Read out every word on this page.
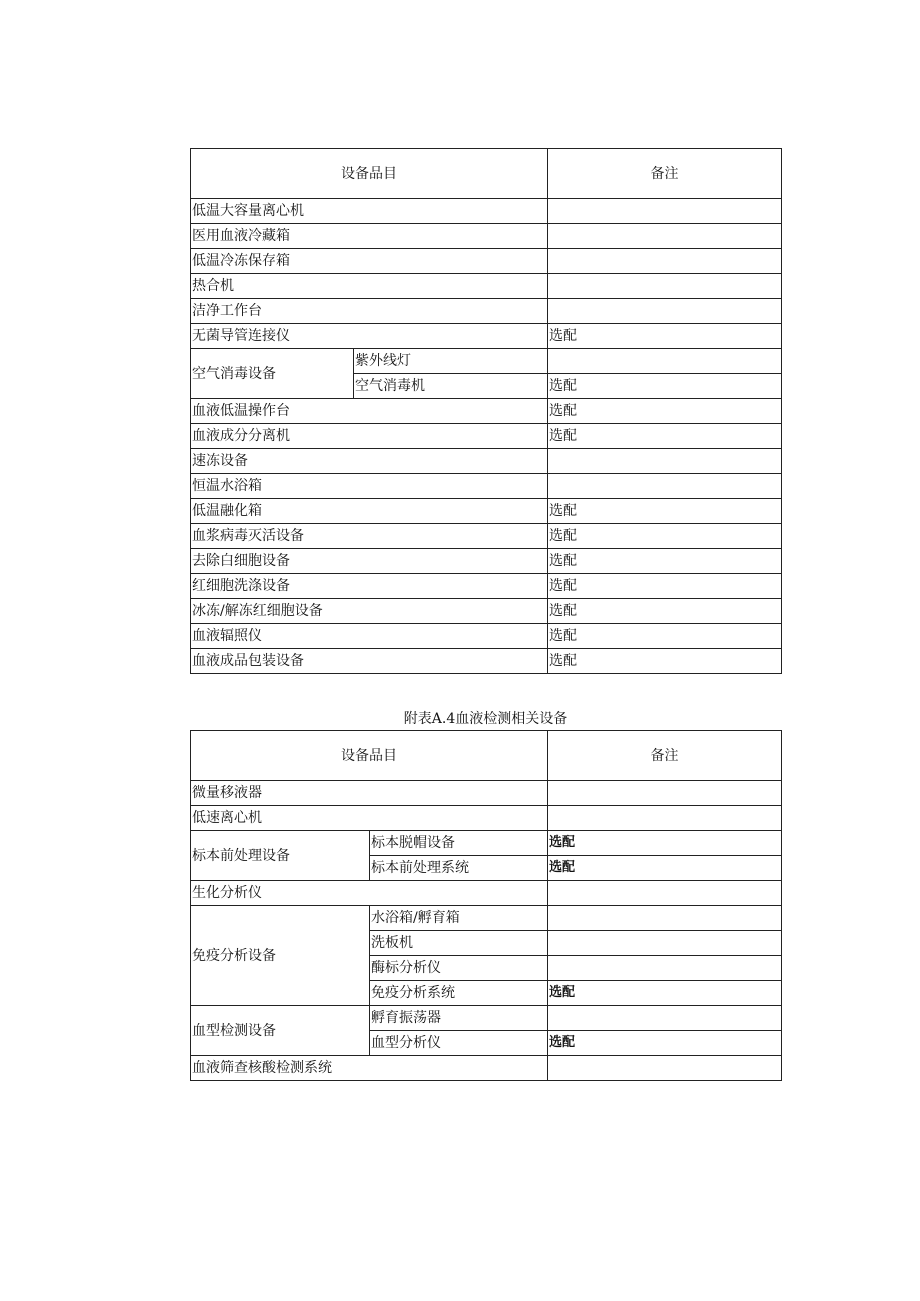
设备品目		备注
低温大容量离心机		
医用血液冷藏箱		
低温冷冻保存箱		
热合机		
洁净工作台		
无菌导管连接仪		选配
空气消毒设备	紫外线灯	
	空气消毒机	选配
血液低温操作台		选配
血液成分分离机		选配
速冻设备		
恒温水浴箱		
低温融化箱		选配
血浆病毒灭活设备		选配
去除白细胞设备		选配
红细胞洗涤设备		选配
冰冻/解冻红细胞设备		选配
血液辐照仪		选配
血液成品包装设备		选配
附表A.4血液检测相关设备
设备品目		备注
微量移液器		
低速离心机		
标本前处理设备	标本脱帽设备	选配
	标本前处理系统	选配
生化分析仪		
免疫分析设备	水浴箱/孵育箱	
	洗板机	
	酶标分析仪	
	免疫分析系统	选配
血型检测设备	孵育振荡器	
	血型分析仪	选配
血液筛查核酸检测系统		
